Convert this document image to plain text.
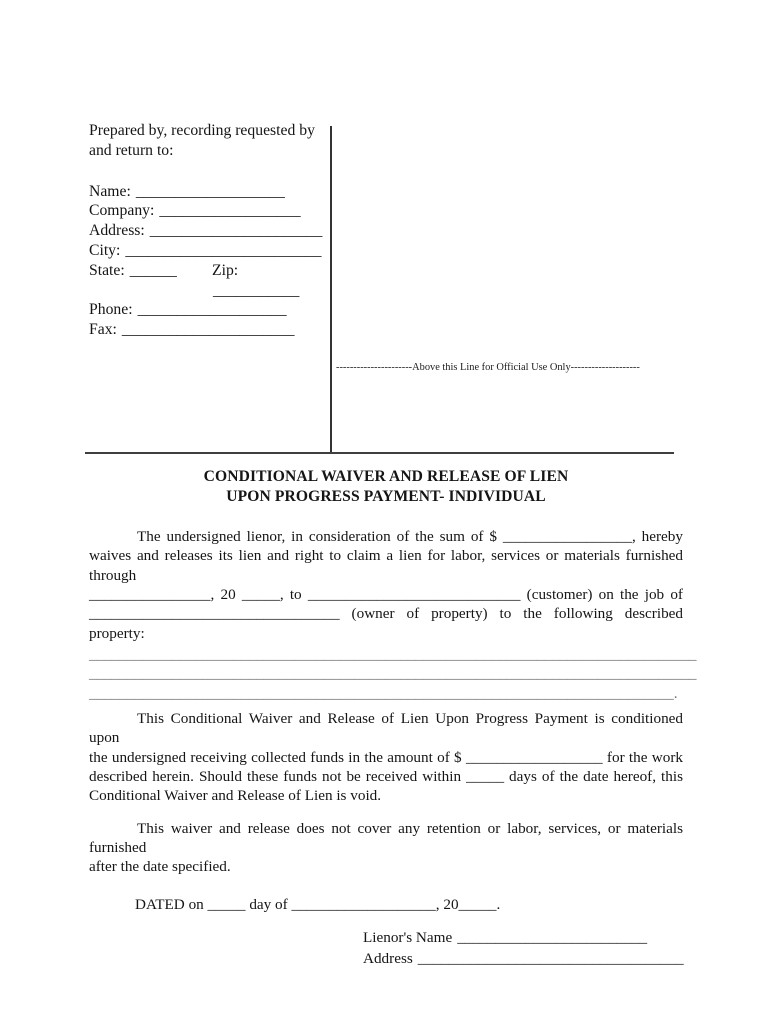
Prepared by, recording requested by
and return to:
Name: ___________________
Company: __________________
Address: ______________________
City: _________________________
State: ______ Zip:
___________
Phone: ___________________
Fax: ______________________
----------------------Above this Line for Official Use Only--------------------
CONDITIONAL WAIVER AND RELEASE OF LIEN
UPON PROGRESS PAYMENT- INDIVIDUAL
The undersigned lienor, in consideration of the sum of $ _________________, hereby
waives and releases its lien and right to claim a lien for labor, services or materials furnished through
________________, 20 _____, to ____________________________ (customer) on the job of
_________________________________ (owner of property) to the following described
property:
________________________________________________________________________________
________________________________________________________________________________
_____________________________________________________________________________.
This Conditional Waiver and Release of Lien Upon Progress Payment is conditioned upon
the undersigned receiving collected funds in the amount of $ __________________ for the work
described herein. Should these funds not be received within _____ days of the date hereof, this
Conditional Waiver and Release of Lien is void.
This waiver and release does not cover any retention or labor, services, or materials furnished
after the date specified.
DATED on _____ day of ___________________, 20_____.
Lienor's Name _________________________
Address ___________________________________
